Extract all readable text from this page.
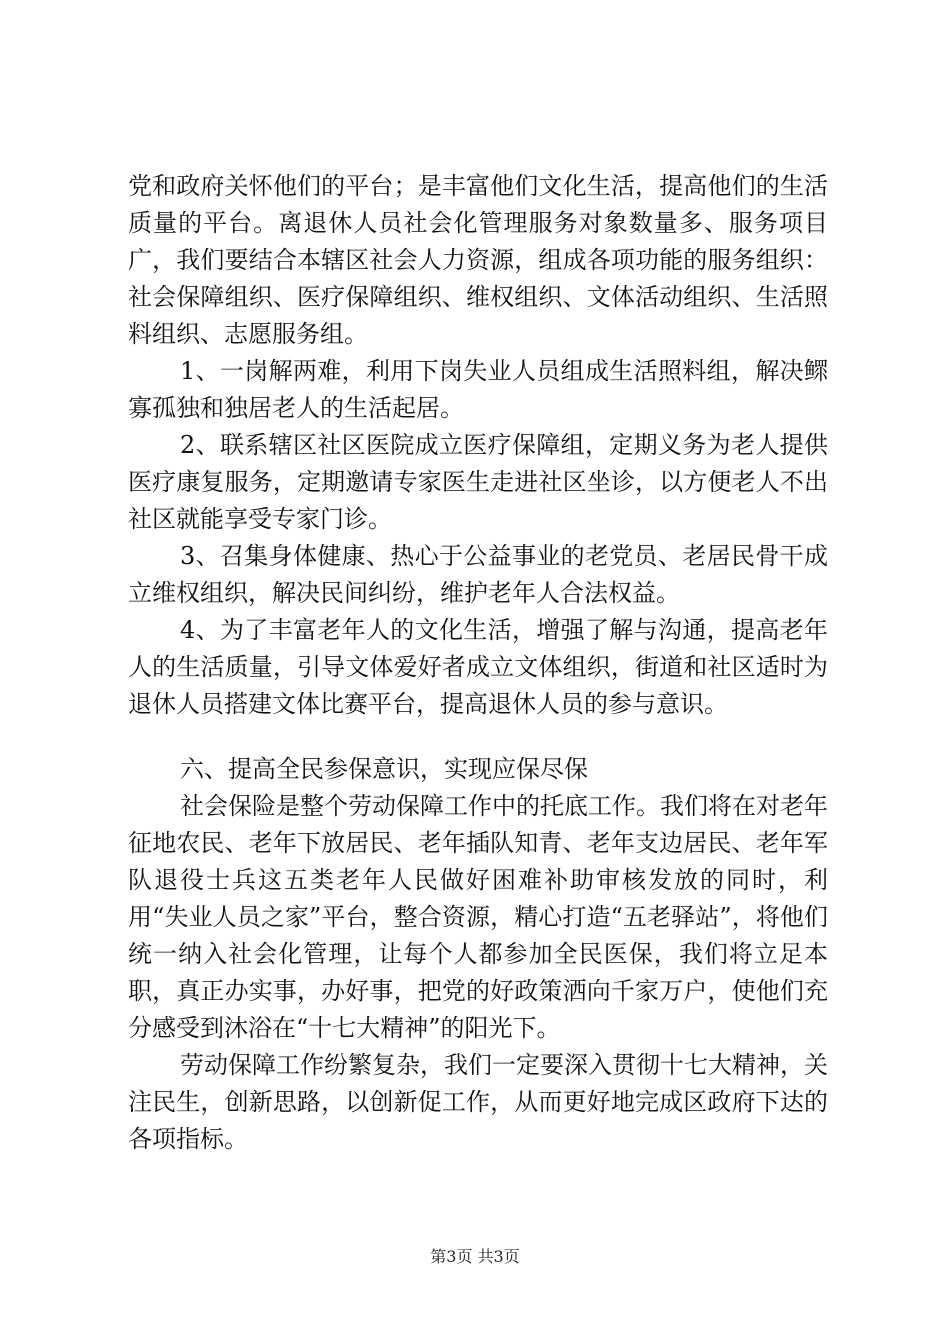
党和政府关怀他们的平台；是丰富他们文化生活，提高他们的生活质量的平台。离退休人员社会化管理服务对象数量多、服务项目广，我们要结合本辖区社会人力资源，组成各项功能的服务组织：社会保障组织、医疗保障组织、维权组织、文体活动组织、生活照料组织、志愿服务组。

1、一岗解两难，利用下岗失业人员组成生活照料组，解决鳏寡孤独和独居老人的生活起居。

2、联系辖区社区医院成立医疗保障组，定期义务为老人提供医疗康复服务，定期邀请专家医生走进社区坐诊，以方便老人不出社区就能享受专家门诊。

3、召集身体健康、热心于公益事业的老党员、老居民骨干成立维权组织，解决民间纠纷，维护老年人合法权益。

4、为了丰富老年人的文化生活，增强了解与沟通，提高老年人的生活质量，引导文体爱好者成立文体组织，街道和社区适时为退休人员搭建文体比赛平台，提高退休人员的参与意识。

六、提高全民参保意识，实现应保尽保

社会保险是整个劳动保障工作中的托底工作。我们将在对老年征地农民、老年下放居民、老年插队知青、老年支边居民、老年军队退役士兵这五类老年人民做好困难补助审核发放的同时，利用“失业人员之家”平台，整合资源，精心打造“五老驿站”，将他们统一纳入社会化管理，让每个人都参加全民医保，我们将立足本职，真正办实事，办好事，把党的好政策洒向千家万户，使他们充分感受到沐浴在“十七大精神”的阳光下。

劳动保障工作纷繁复杂，我们一定要深入贯彻十七大精神，关注民生，创新思路，以创新促工作，从而更好地完成区政府下达的各项指标。

第3页 共3页
